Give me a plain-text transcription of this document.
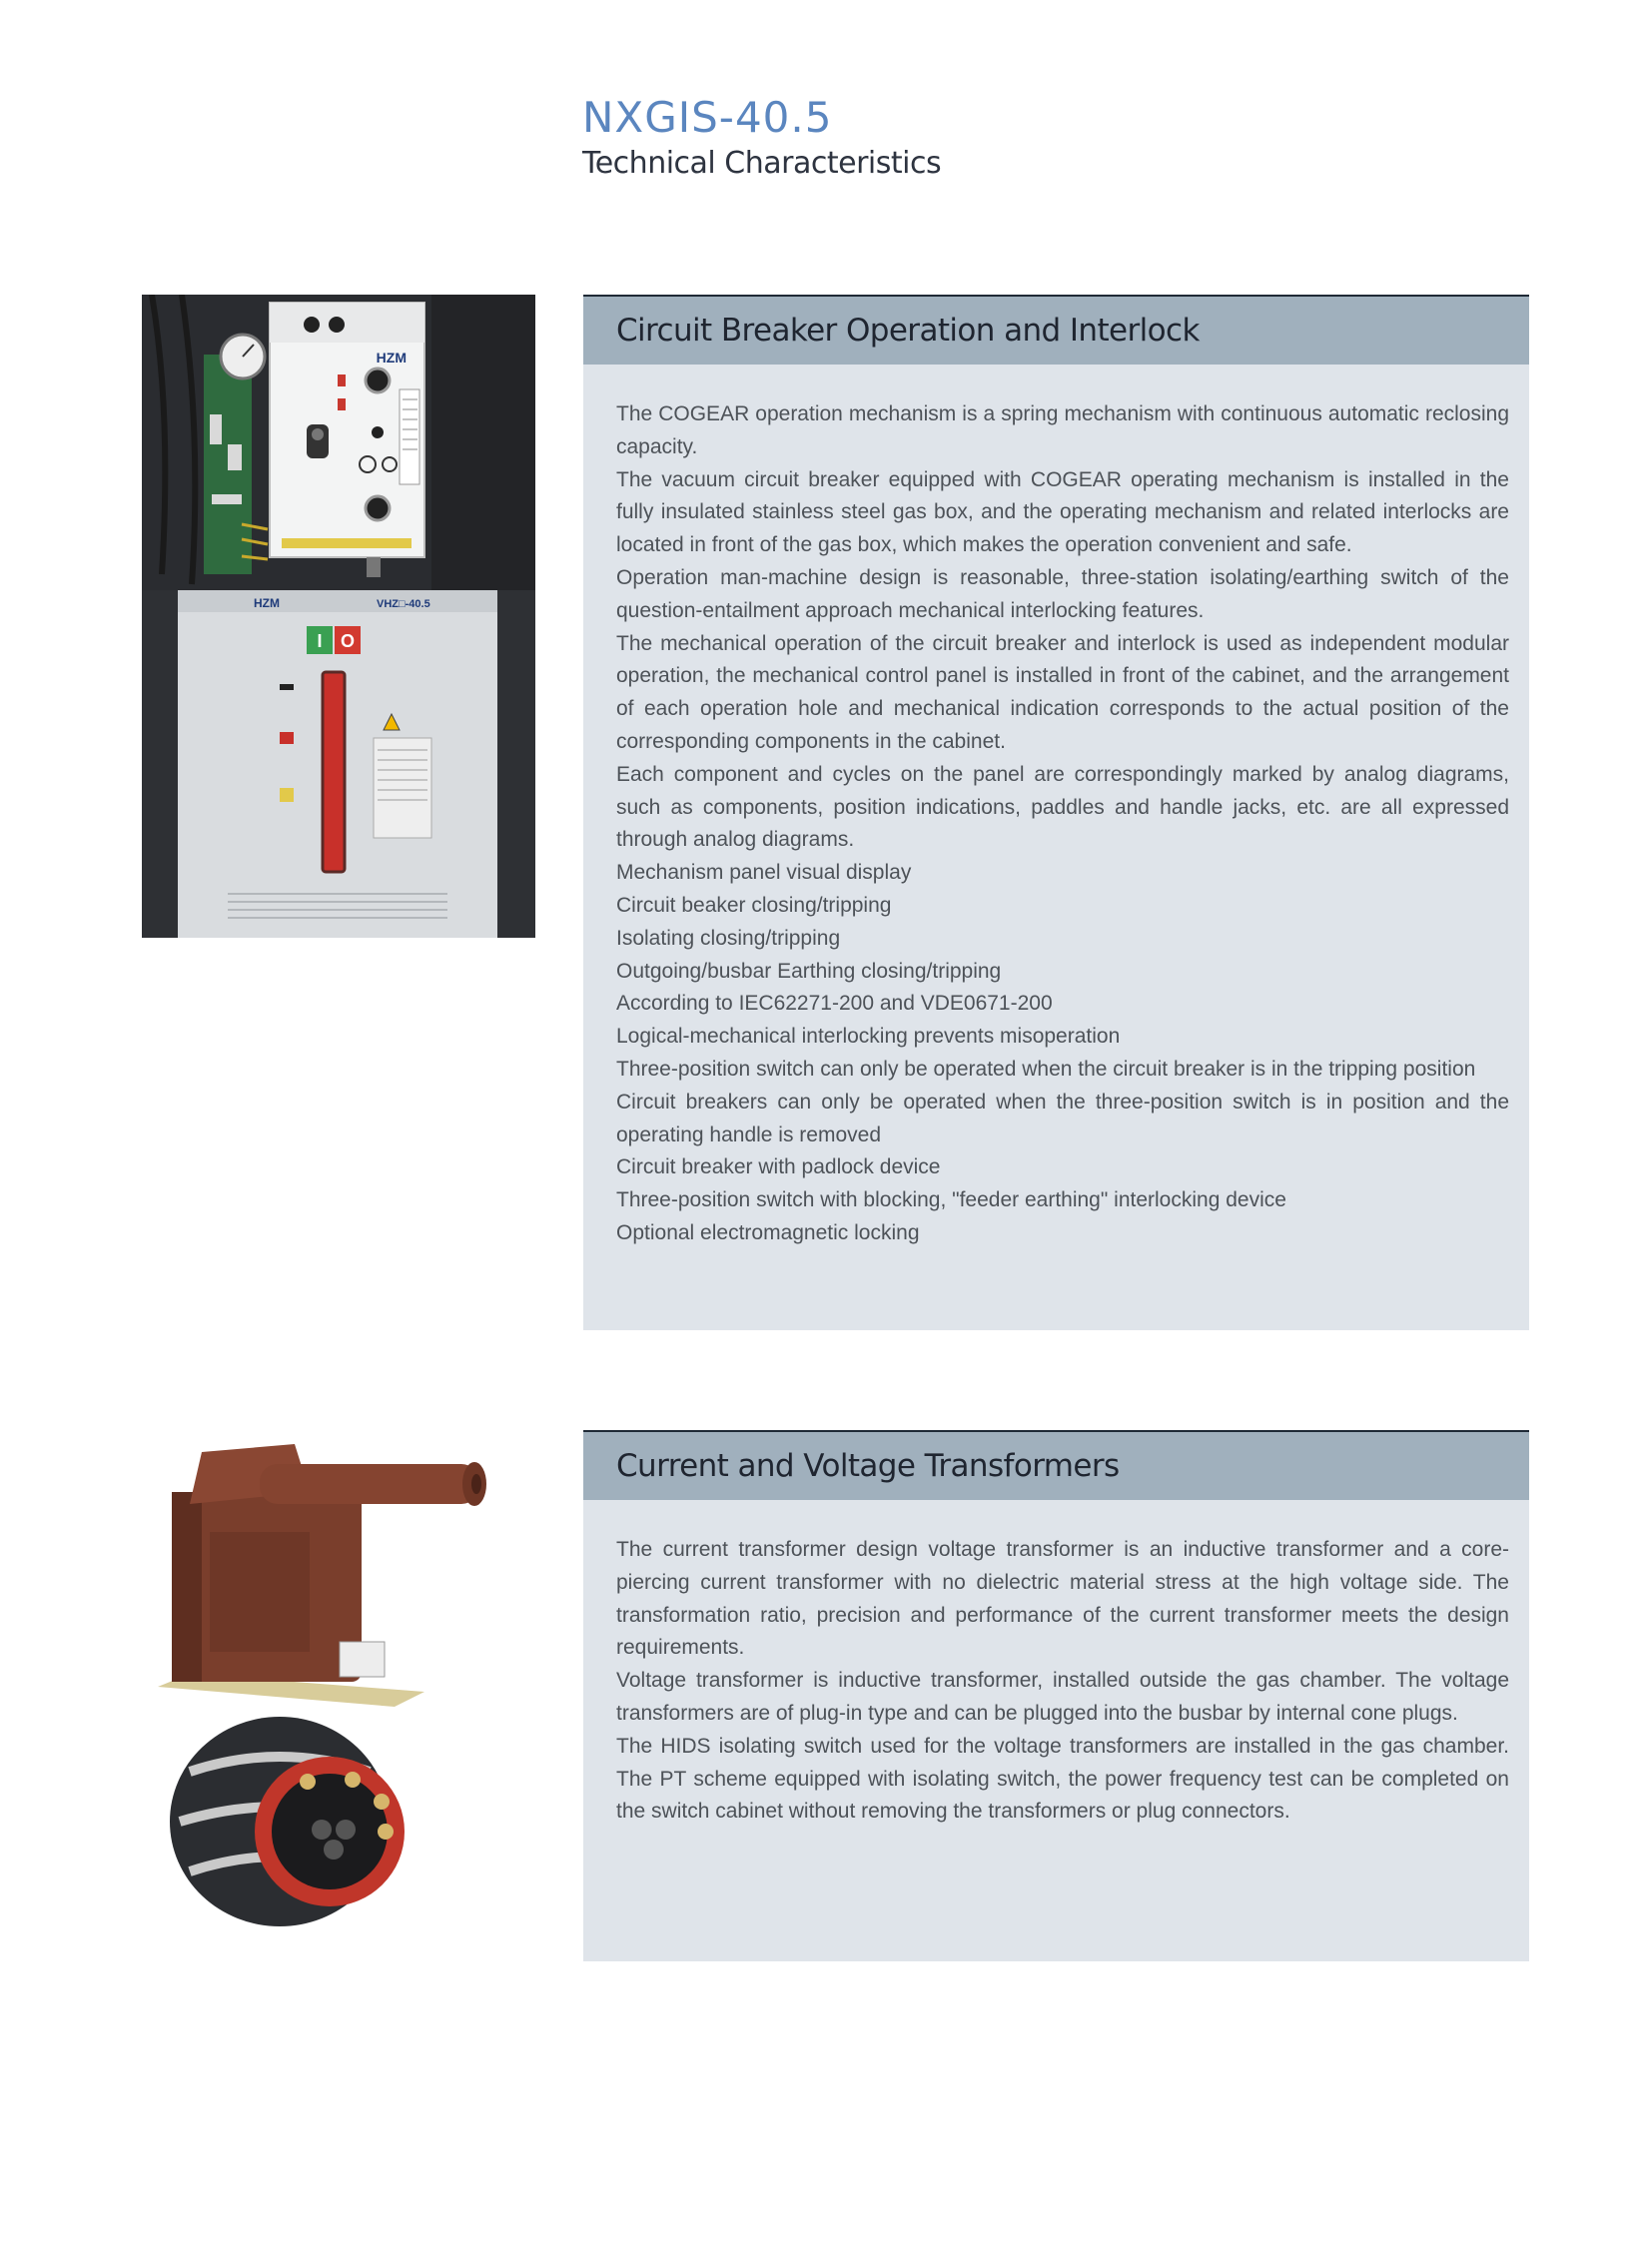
NXGIS-40.5
Technical Characteristics
HZM
HZM	VHZ□-40.5
I O
Circuit Breaker Operation and Interlock

The COGEAR operation mechanism is a spring mechanism with continuous automatic reclosing capacity.

The vacuum circuit breaker equipped with COGEAR operating mechanism is installed in the fully insulated stainless steel gas box, and the operating mechanism and related interlocks are located in front of the gas box, which makes the operation convenient and safe.

Operation man-machine design is reasonable, three-station isolating/earthing switch of the question-entailment approach mechanical interlocking features.

The mechanical operation of the circuit breaker and interlock is used as independent modular operation, the mechanical control panel is installed in front of the cabinet, and the arrangement of each operation hole and mechanical indication corresponds to the actual position of the corresponding components in the cabinet.

Each component and cycles on the panel are correspondingly marked by analog diagrams, such as components, position indications, paddles and handle jacks, etc. are all expressed through analog diagrams.

Mechanism panel visual display

Circuit beaker closing/tripping

Isolating closing/tripping

Outgoing/busbar Earthing closing/tripping

According to IEC62271-200 and VDE0671-200

Logical-mechanical interlocking prevents misoperation

Three-position switch can only be operated when the circuit breaker is in the tripping position

Circuit breakers can only be operated when the three-position switch is in position and the operating handle is removed

Circuit breaker with padlock device

Three-position switch with blocking, "feeder earthing" interlocking device

Optional electromagnetic locking

Current and Voltage Transformers

The current transformer design voltage transformer is an inductive transformer and a core-piercing current transformer with no dielectric material stress at the high voltage side. The transformation ratio, precision and performance of the current transformer meets the design requirements.

Voltage transformer is inductive transformer, installed outside the gas chamber. The voltage transformers are of plug-in type and can be plugged into the busbar by internal cone plugs.

The HIDS isolating switch used for the voltage transformers are installed in the gas chamber. The PT scheme equipped with isolating switch, the power frequency test can be completed on the switch cabinet without removing the transformers or plug connectors.
